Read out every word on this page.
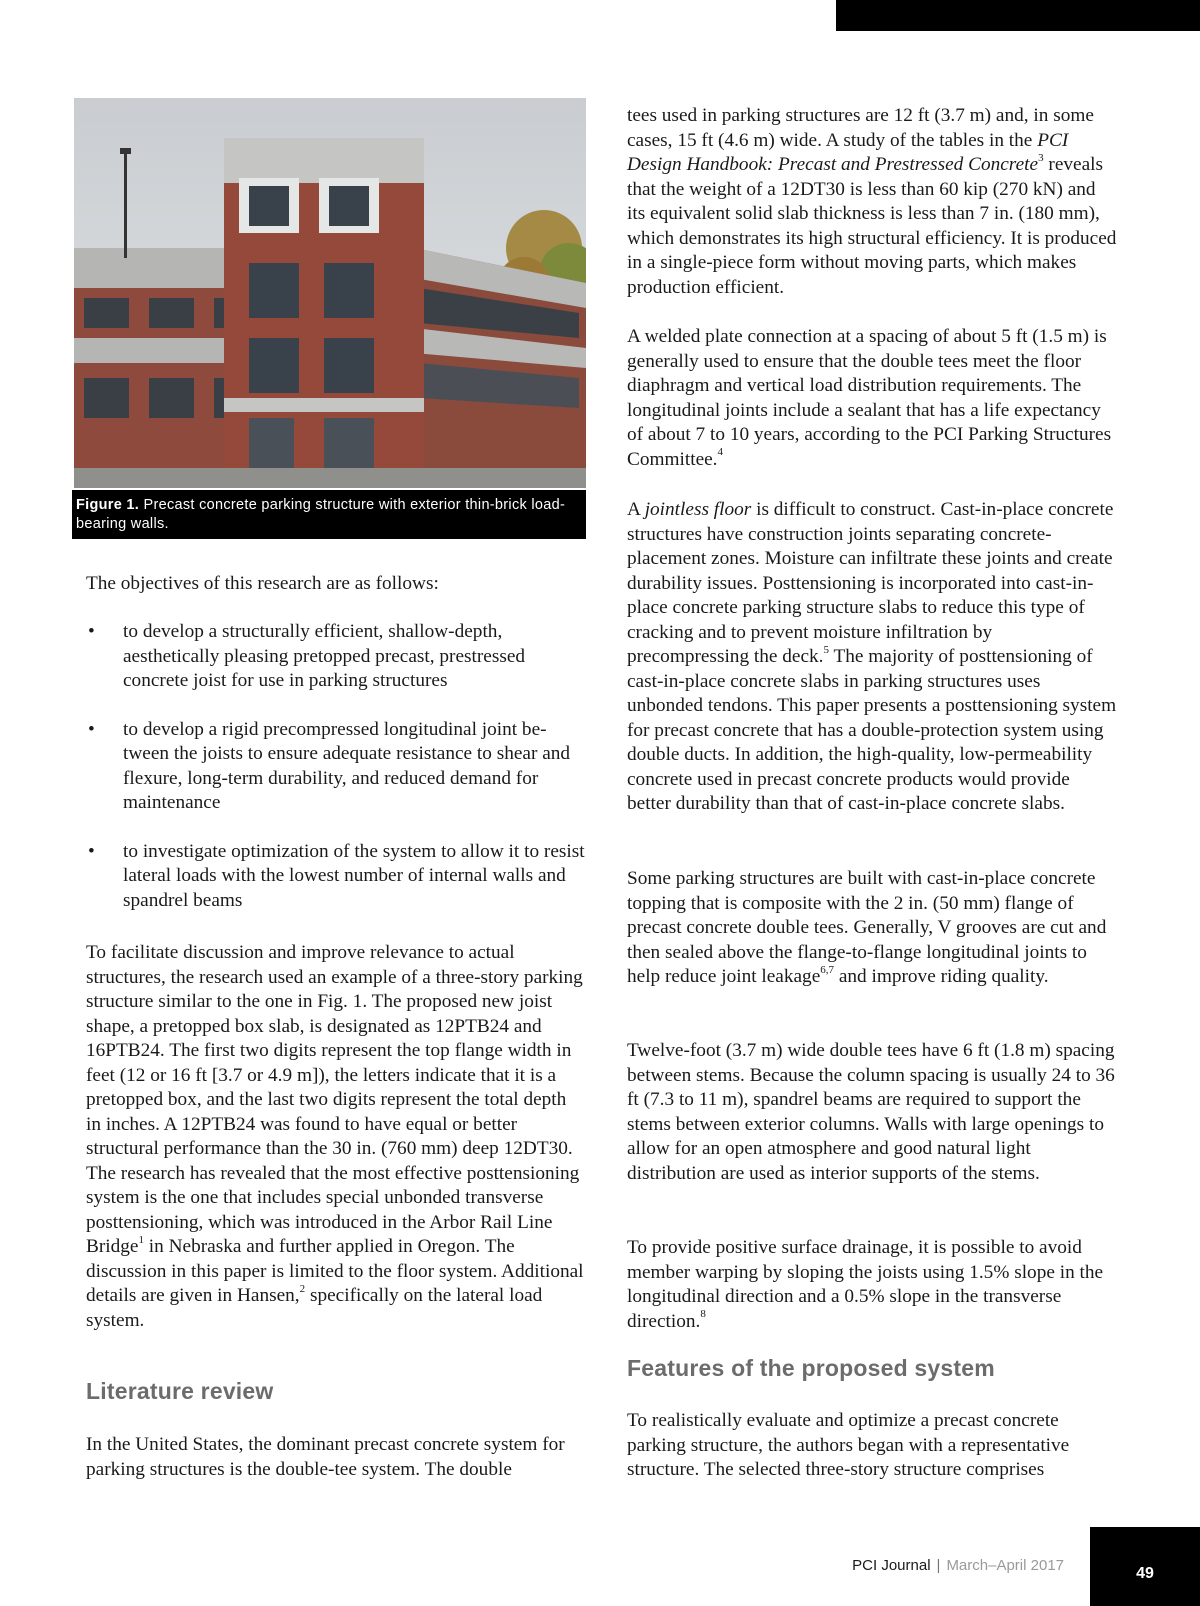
Figure 1. Precast concrete parking structure with exterior thin-brick load-bearing walls.

The objectives of this research are as follows:

• to develop a structurally efficient, shallow-depth, aesthetically pleasing pretopped precast, prestressed concrete joist for use in parking structures
• to develop a rigid precompressed longitudinal joint between the joists to ensure adequate resistance to shear and flexure, long-term durability, and reduced demand for maintenance
• to investigate optimization of the system to allow it to resist lateral loads with the lowest number of internal walls and spandrel beams

To facilitate discussion and improve relevance to actual structures, the research used an example of a three-story parking structure similar to the one in Fig. 1. The proposed new joist shape, a pretopped box slab, is designated as 12PTB24 and 16PTB24. The first two digits represent the top flange width in feet (12 or 16 ft [3.7 or 4.9 m]), the letters indicate that it is a pretopped box, and the last two digits represent the total depth in inches. A 12PTB24 was found to have equal or better structural performance than the 30 in. (760 mm) deep 12DT30. The research has revealed that the most effective posttensioning system is the one that includes special unbonded transverse posttensioning, which was introduced in the Arbor Rail Line Bridge$^1$ in Nebraska and further applied in Oregon. The discussion in this paper is limited to the floor system. Additional details are given in Hansen,$^2$ specifically on the lateral load system.

Literature review

In the United States, the dominant precast concrete system for parking structures is the double-tee system. The double

tees used in parking structures are 12 ft (3.7 m) and, in some cases, 15 ft (4.6 m) wide. A study of the tables in the PCI Design Handbook: Precast and Prestressed Concrete$^3$ reveals that the weight of a 12DT30 is less than 60 kip (270 kN) and its equivalent solid slab thickness is less than 7 in. (180 mm), which demonstrates its high structural efficiency. It is produced in a single-piece form without moving parts, which makes production efficient.

A welded plate connection at a spacing of about 5 ft (1.5 m) is generally used to ensure that the double tees meet the floor diaphragm and vertical load distribution requirements. The longitudinal joints include a sealant that has a life expectancy of about 7 to 10 years, according to the PCI Parking Structures Committee.$^4$

A jointless floor is difficult to construct. Cast-in-place concrete structures have construction joints separating concrete-placement zones. Moisture can infiltrate these joints and create durability issues. Posttensioning is incorporated into cast-in-place concrete parking structure slabs to reduce this type of cracking and to prevent moisture infiltration by precompressing the deck.$^5$ The majority of posttensioning of cast-in-place concrete slabs in parking structures uses unbonded tendons. This paper presents a posttensioning system for precast concrete that has a double-protection system using double ducts. In addition, the high-quality, low-permeability concrete used in precast concrete products would provide better durability than that of cast-in-place concrete slabs.

Some parking structures are built with cast-in-place concrete topping that is composite with the 2 in. (50 mm) flange of precast concrete double tees. Generally, V grooves are cut and then sealed above the flange-to-flange longitudinal joints to help reduce joint leakage$^{6,7}$ and improve riding quality.

Twelve-foot (3.7 m) wide double tees have 6 ft (1.8 m) spacing between stems. Because the column spacing is usually 24 to 36 ft (7.3 to 11 m), spandrel beams are required to support the stems between exterior columns. Walls with large openings to allow for an open atmosphere and good natural light distribution are used as interior supports of the stems.

To provide positive surface drainage, it is possible to avoid member warping by sloping the joists using 1.5% slope in the longitudinal direction and a 0.5% slope in the transverse direction.$^8$

Features of the proposed system

To realistically evaluate and optimize a precast concrete parking structure, the authors began with a representative structure. The selected three-story structure comprises

PCI Journal | March–April 2017	49
